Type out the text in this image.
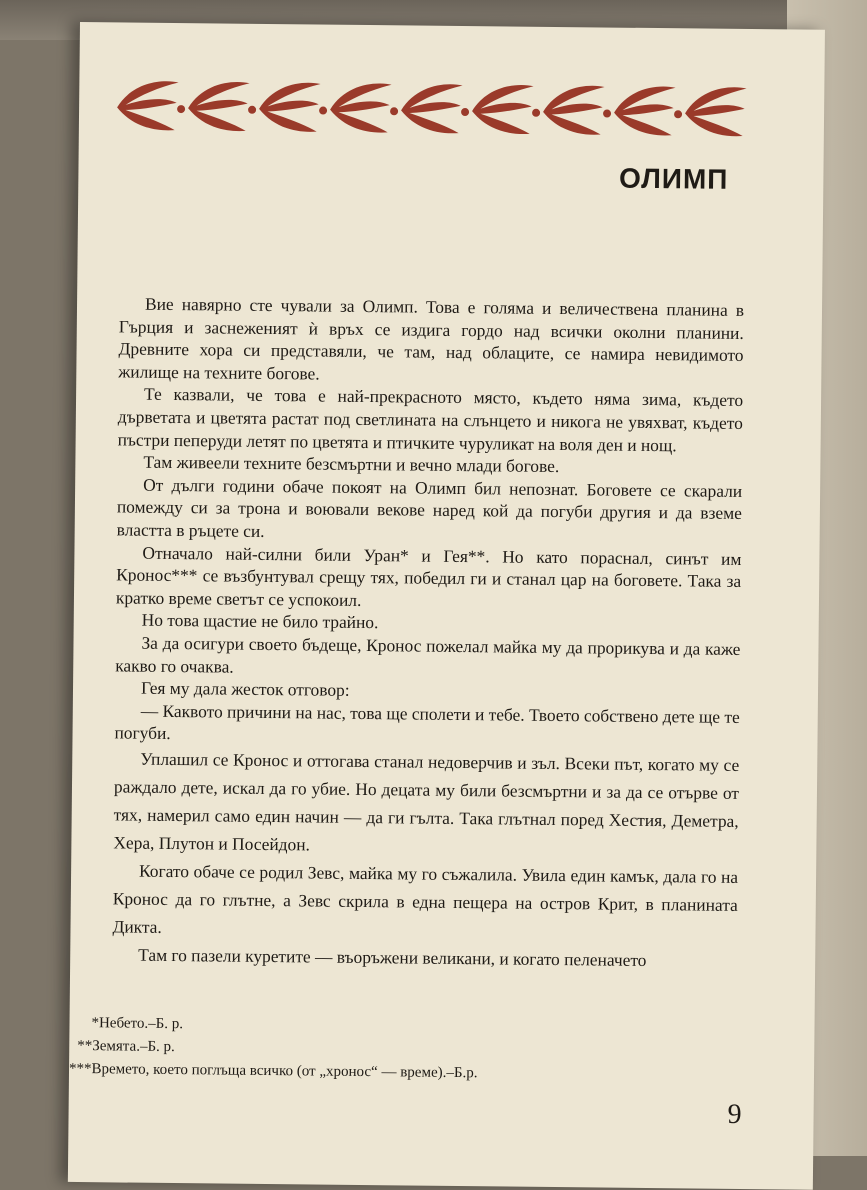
ОЛИМП

Вие навярно сте чували за Олимп. Това е голяма и величествена планина в Гърция и заснеженият ѝ връх се издига гордо над всички околни планини. Древните хора си представяли, че там, над облаците, се намира невидимото жилище на техните богове.

Те казвали, че това е най-прекрасното място, където няма зима, където дърветата и цветята растат под светлината на слънцето и никога не увяхват, където пъстри пеперуди летят по цветята и птичките чуруликат на воля ден и нощ.

Там живеели техните безсмъртни и вечно млади богове.

От дълги години обаче покоят на Олимп бил непознат. Боговете се скарали помежду си за трона и воювали векове наред кой да погуби другия и да вземе властта в ръцете си.

Отначало най-силни били Уран* и Гея**. Но като пораснал, синът им Кронос*** се възбунтувал срещу тях, победил ги и станал цар на боговете. Така за кратко време светът се успокоил.

Но това щастие не било трайно.

За да осигури своето бъдеще, Кронос пожелал майка му да прорикува и да каже какво го очаква.

Гея му дала жесток отговор:

— Каквото причини на нас, това ще сполети и тебе. Твоето собствено дете ще те погуби.

Уплашил се Кронос и оттогава станал недоверчив и зъл. Всеки път, когато му се раждало дете, искал да го убие. Но децата му били безсмъртни и за да се отърве от тях, намерил само един начин — да ги гълта. Така глътнал поред Хестия, Деметра, Хера, Плутон и Посейдон.

Когато обаче се родил Зевс, майка му го съжалила. Увила един камък, дала го на Кронос да го глътне, а Зевс скрила в една пещера на остров Крит, в планината Дикта.

Там го пазели куретите — въоръжени великани, и когато пеленачето

*Небето.–Б. р.
**Земята.–Б. р.
***Времето, което поглъща всичко (от „хронос“ — време).–Б.р.
9
